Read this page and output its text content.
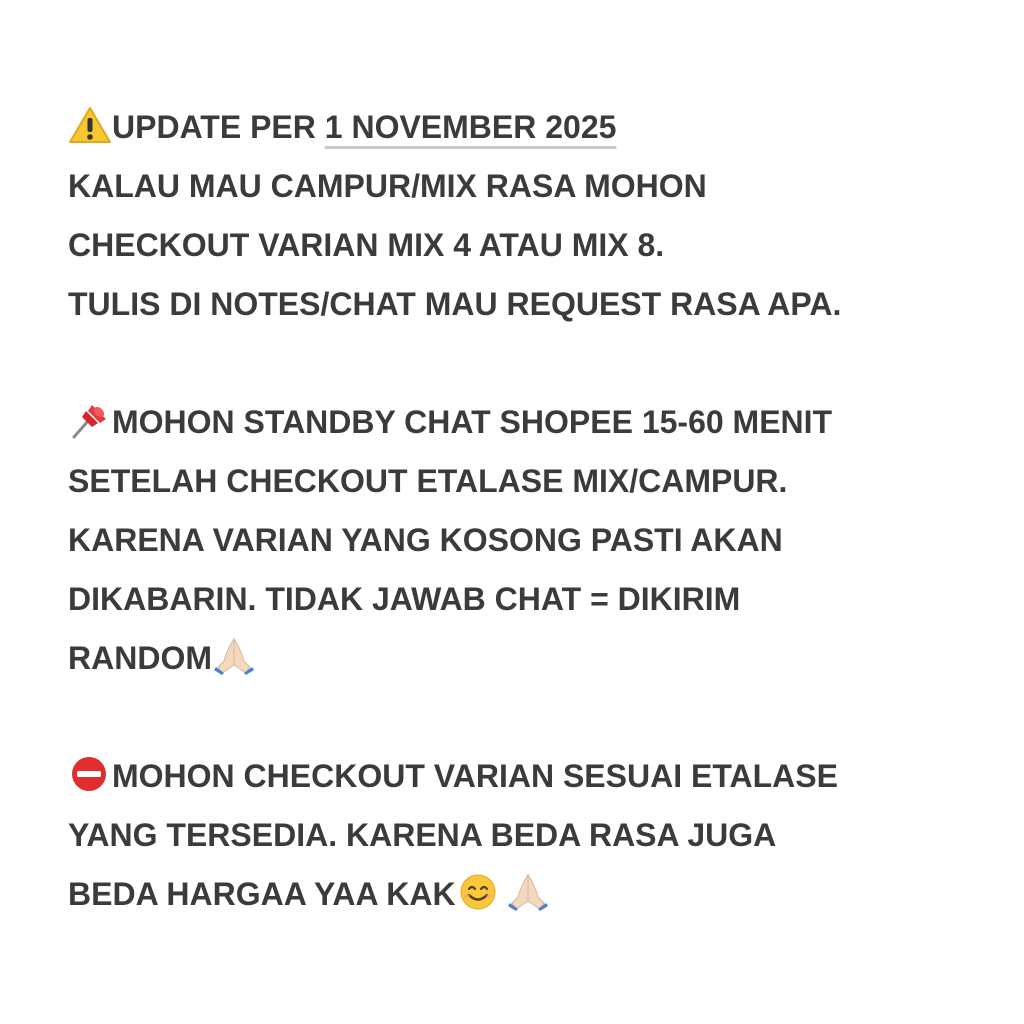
UPDATE PER 1 NOVEMBER 2025
KALAU MAU CAMPUR/MIX RASA MOHON
CHECKOUT VARIAN MIX 4 ATAU MIX 8.
TULIS DI NOTES/CHAT MAU REQUEST RASA APA.
MOHON STANDBY CHAT SHOPEE 15-60 MENIT
SETELAH CHECKOUT ETALASE MIX/CAMPUR.
KARENA VARIAN YANG KOSONG PASTI AKAN
DIKABARIN. TIDAK JAWAB CHAT = DIKIRIM
RANDOM
MOHON CHECKOUT VARIAN SESUAI ETALASE
YANG TERSEDIA. KARENA BEDA RASA JUGA
BEDA HARGAA YAA KAK
